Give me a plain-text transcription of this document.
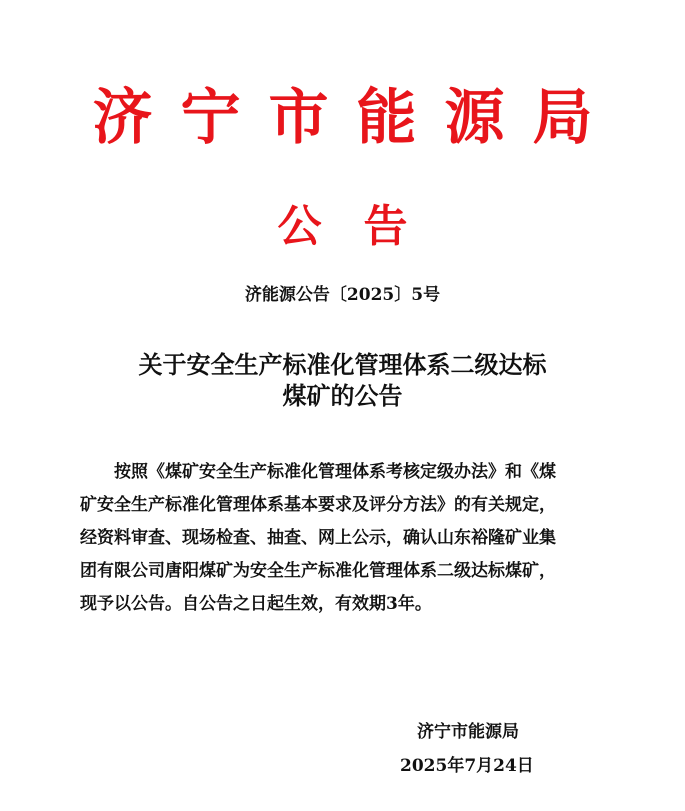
济宁市能源局
公告
济能源公告〔2025〕5号
关于安全生产标准化管理体系二级达标
煤矿的公告
按照《煤矿安全生产标准化管理体系考核定级办法》和《煤
矿安全生产标准化管理体系基本要求及评分方法》的有关规定，
经资料审查、现场检查、抽查、网上公示，确认山东裕隆矿业集
团有限公司唐阳煤矿为安全生产标准化管理体系二级达标煤矿，
现予以公告。自公告之日起生效，有效期3年。
济宁市能源局
2025年7月24日
